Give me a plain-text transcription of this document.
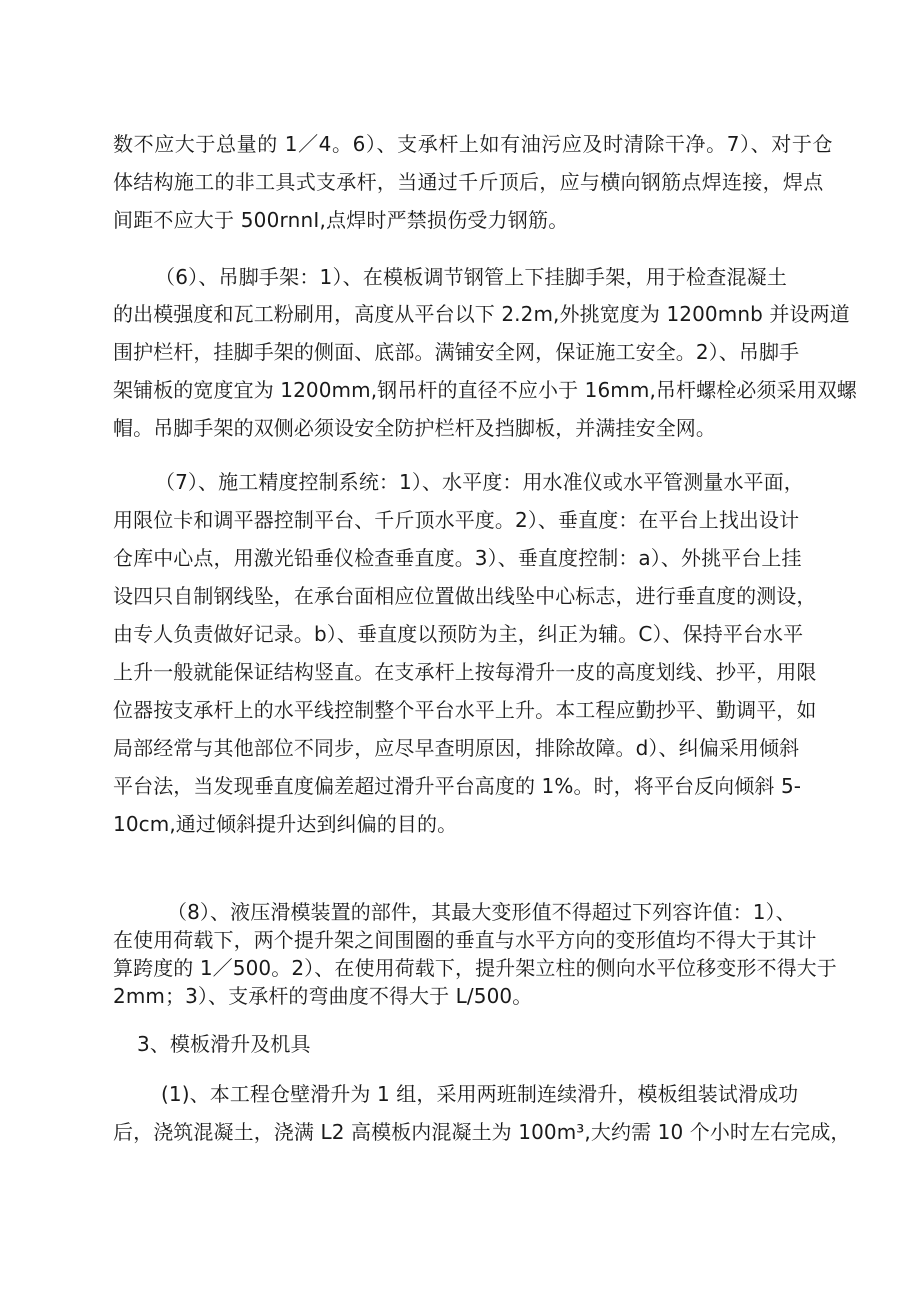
数不应大于总量的 1／4。6）、支承杆上如有油污应及时清除干净。7）、对于仓
体结构施工的非工具式支承杆，当通过千斤顶后，应与横向钢筋点焊连接，焊点
间距不应大于 500rnnI,点焊时严禁损伤受力钢筋。
（6）、吊脚手架：1）、在模板调节钢管上下挂脚手架，用于检查混凝土
的出模强度和瓦工粉刷用，高度从平台以下 2.2m,外挑宽度为 1200mnb 并设两道
围护栏杆，挂脚手架的侧面、底部。满铺安全网，保证施工安全。2）、吊脚手
架铺板的宽度宜为 1200mm,钢吊杆的直径不应小于 16mm,吊杆螺栓必须采用双螺
帽。吊脚手架的双侧必须设安全防护栏杆及挡脚板，并满挂安全网。
（7）、施工精度控制系统：1）、水平度：用水准仪或水平管测量水平面，
用限位卡和调平器控制平台、千斤顶水平度。2）、垂直度：在平台上找出设计
仓库中心点，用激光铅垂仪检查垂直度。3）、垂直度控制：a）、外挑平台上挂
设四只自制钢线坠，在承台面相应位置做出线坠中心标志，进行垂直度的测设，
由专人负责做好记录。b）、垂直度以预防为主，纠正为辅。C）、保持平台水平
上升一般就能保证结构竖直。在支承杆上按每滑升一皮的高度划线、抄平，用限
位器按支承杆上的水平线控制整个平台水平上升。本工程应勤抄平、勤调平，如
局部经常与其他部位不同步，应尽早查明原因，排除故障。d）、纠偏采用倾斜
平台法，当发现垂直度偏差超过滑升平台高度的 1%。时，将平台反向倾斜 5-
10cm,通过倾斜提升达到纠偏的目的。
（8）、液压滑模装置的部件，其最大变形值不得超过下列容许值：1）、
在使用荷载下，两个提升架之间围圈的垂直与水平方向的变形值均不得大于其计
算跨度的 1／500。2）、在使用荷载下，提升架立柱的侧向水平位移变形不得大于
2mm；3）、支承杆的弯曲度不得大于 L/500。
3、模板滑升及机具
(1)、本工程仓壁滑升为 1 组，采用两班制连续滑升，模板组装试滑成功
后，浇筑混凝土，浇满 L2 高模板内混凝土为 100m³,大约需 10 个小时左右完成，
